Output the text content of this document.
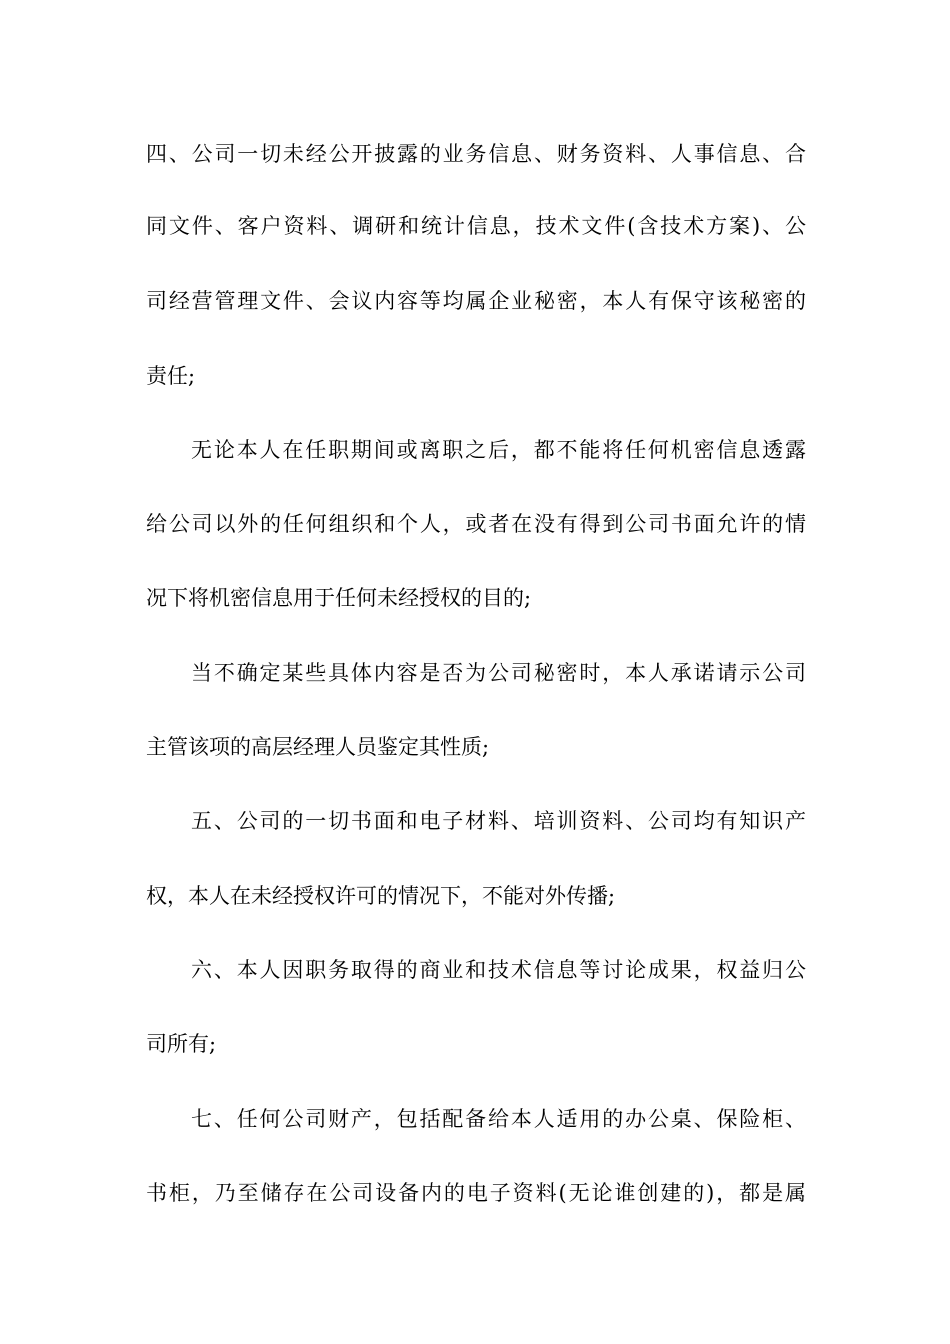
四、公司一切未经公开披露的业务信息、财务资料、人事信息、合
同文件、客户资料、调研和统计信息，技术文件(含技术方案)、公
司经营管理文件、会议内容等均属企业秘密，本人有保守该秘密的
责任;
无论本人在任职期间或离职之后，都不能将任何机密信息透露
给公司以外的任何组织和个人，或者在没有得到公司书面允许的情
况下将机密信息用于任何未经授权的目的;
当不确定某些具体内容是否为公司秘密时，本人承诺请示公司
主管该项的高层经理人员鉴定其性质;
五、公司的一切书面和电子材料、培训资料、公司均有知识产
权，本人在未经授权许可的情况下，不能对外传播;
六、本人因职务取得的商业和技术信息等讨论成果，权益归公
司所有;
七、任何公司财产，包括配备给本人适用的办公桌、保险柜、
书柜，乃至储存在公司设备内的电子资料(无论谁创建的)，都是属
